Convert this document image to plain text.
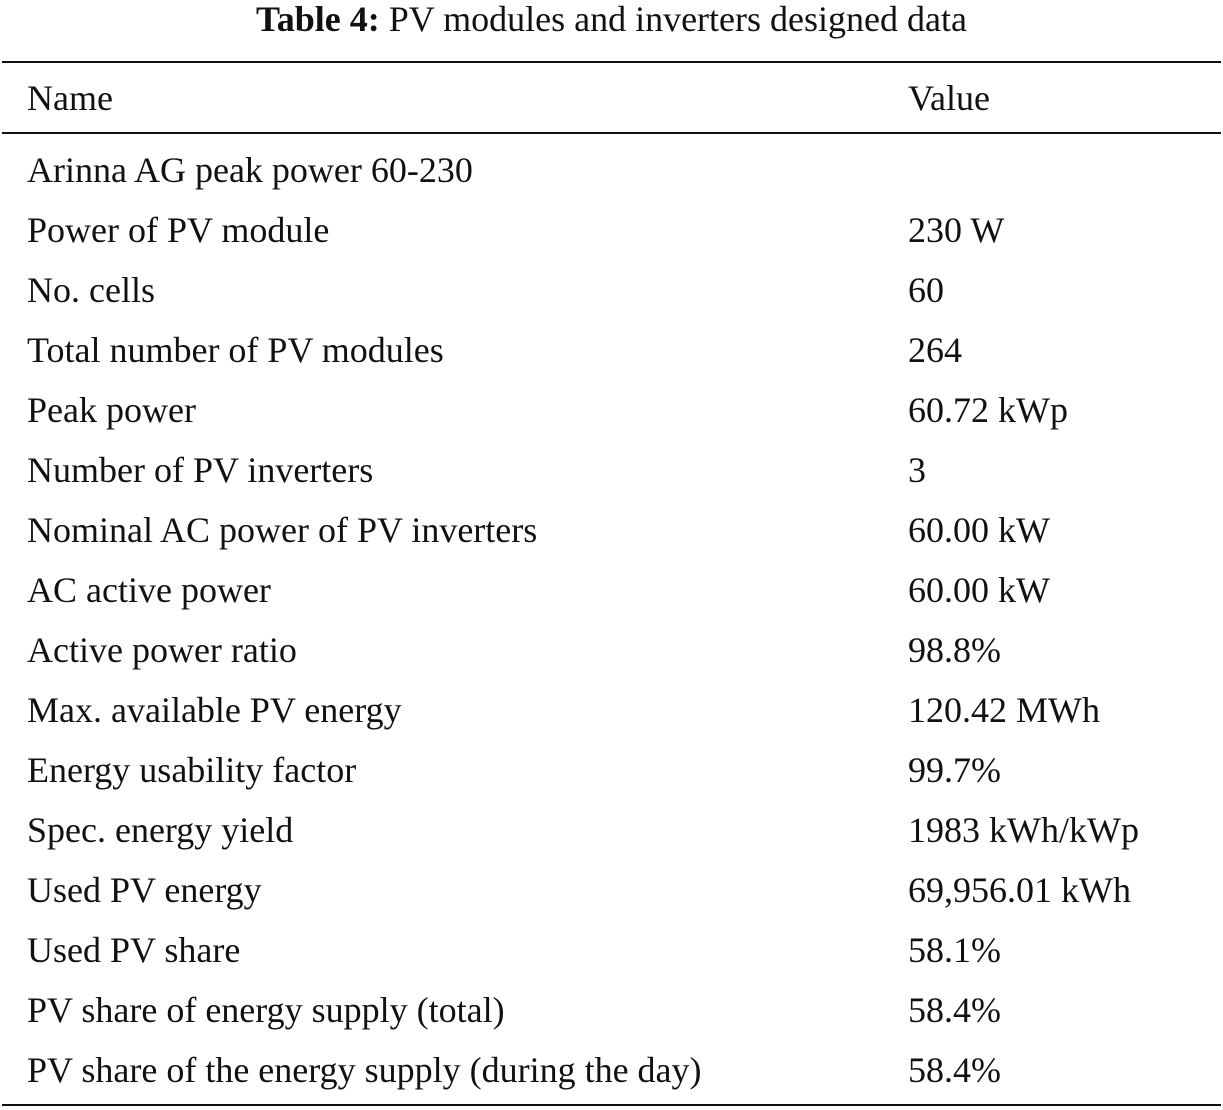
Table 4: PV modules and inverters designed data
Name	Value
Arinna AG peak power 60-230
Power of PV module	230 W
No. cells	60
Total number of PV modules	264
Peak power	60.72 kWp
Number of PV inverters	3
Nominal AC power of PV inverters	60.00 kW
AC active power	60.00 kW
Active power ratio	98.8%
Max. available PV energy	120.42 MWh
Energy usability factor	99.7%
Spec. energy yield	1983 kWh/kWp
Used PV energy	69,956.01 kWh
Used PV share	58.1%
PV share of energy supply (total)	58.4%
PV share of the energy supply (during the day)	58.4%
